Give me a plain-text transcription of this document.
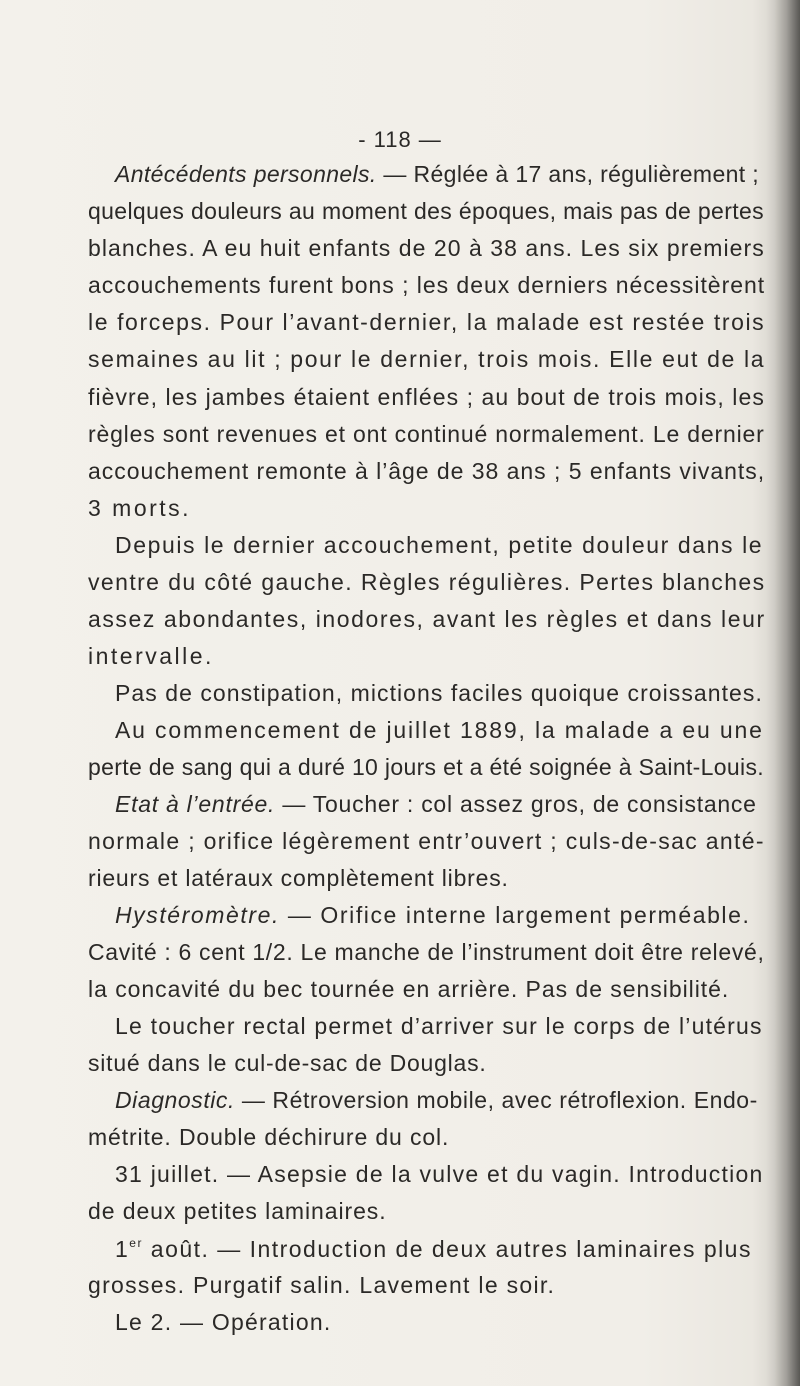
- 118 —
Antécédents personnels. — Réglée à 17 ans, régulièrement ;
quelques douleurs au moment des époques, mais pas de pertes
blanches. A eu huit enfants de 20 à 38 ans. Les six premiers
accouchements furent bons ; les deux derniers nécessitèrent
le forceps. Pour l’avant-dernier, la malade est restée trois
semaines au lit ; pour le dernier, trois mois. Elle eut de la
fièvre, les jambes étaient enflées ; au bout de trois mois, les
règles sont revenues et ont continué normalement. Le dernier
accouchement remonte à l’âge de 38 ans ; 5 enfants vivants,
3 morts.
Depuis le dernier accouchement, petite douleur dans le
ventre du côté gauche. Règles régulières. Pertes blanches
assez abondantes, inodores, avant les règles et dans leur
intervalle.
Pas de constipation, mictions faciles quoique croissantes.
Au commencement de juillet 1889, la malade a eu une
perte de sang qui a duré 10 jours et a été soignée à Saint-Louis.
Etat à l’entrée. — Toucher : col assez gros, de consistance
normale ; orifice légèrement entr’ouvert ; culs-de-sac anté-
rieurs et latéraux complètement libres.
Hystéromètre. — Orifice interne largement perméable.
Cavité : 6 cent 1/2. Le manche de l’instrument doit être relevé,
la concavité du bec tournée en arrière. Pas de sensibilité.
Le toucher rectal permet d’arriver sur le corps de l’utérus
situé dans le cul-de-sac de Douglas.
Diagnostic. — Rétroversion mobile, avec rétroflexion. Endo-
métrite. Double déchirure du col.
31 juillet. — Asepsie de la vulve et du vagin. Introduction
de deux petites laminaires.
1er août. — Introduction de deux autres laminaires plus
grosses. Purgatif salin. Lavement le soir.
Le 2. — Opération.
